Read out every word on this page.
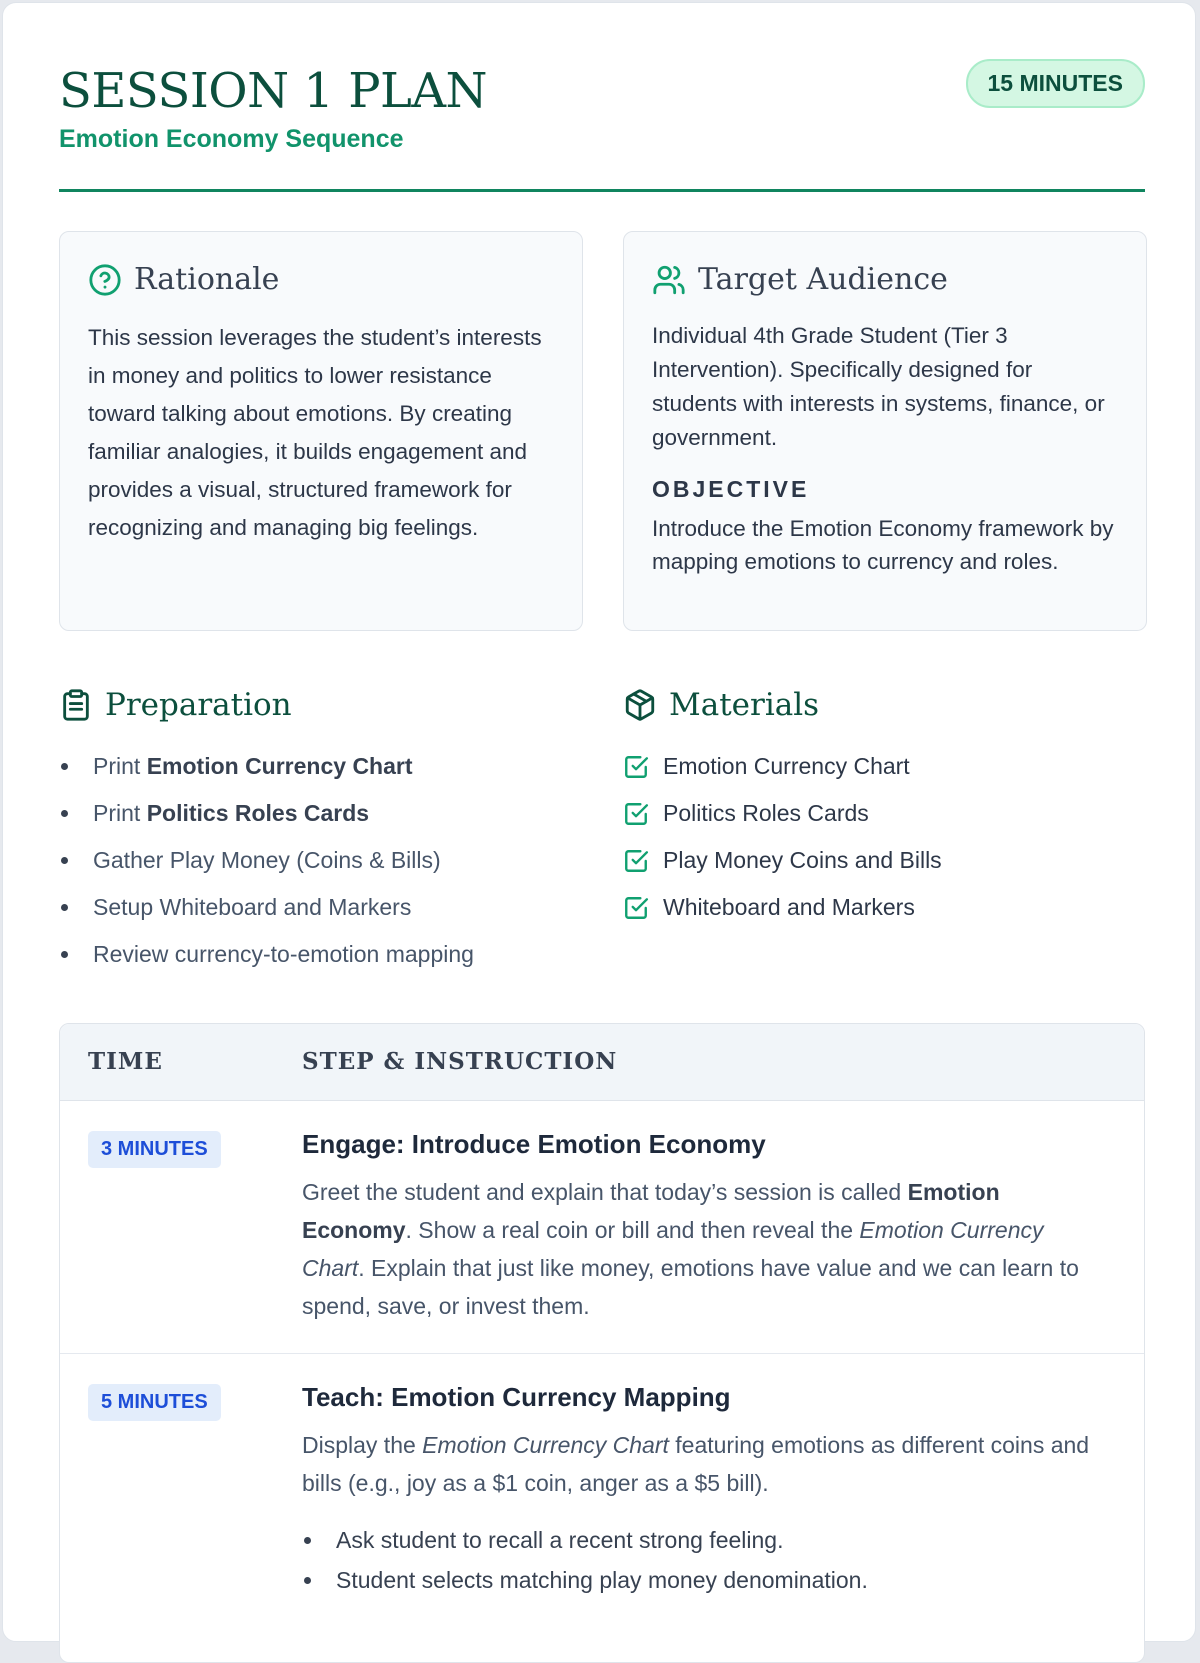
SESSION 1 PLAN
Emotion Economy Sequence
15 MINUTES
Rationale
This session leverages the student’s interests in money and politics to lower resistance toward talking about emotions. By creating familiar analogies, it builds engagement and provides a visual, structured framework for recognizing and managing big feelings.
Target Audience
Individual 4th Grade Student (Tier 3 Intervention). Specifically designed for students with interests in systems, finance, or government.
OBJECTIVE
Introduce the Emotion Economy framework by mapping emotions to currency and roles.
Preparation
Print Emotion Currency Chart
Print Politics Roles Cards
Gather Play Money (Coins & Bills)
Setup Whiteboard and Markers
Review currency-to-emotion mapping
Materials
Emotion Currency Chart
Politics Roles Cards
Play Money Coins and Bills
Whiteboard and Markers
TIME	STEP & INSTRUCTION
3 MINUTES	Engage: Introduce Emotion Economy
Greet the student and explain that today’s session is called Emotion Economy. Show a real coin or bill and then reveal the Emotion Currency Chart. Explain that just like money, emotions have value and we can learn to spend, save, or invest them.
5 MINUTES	Teach: Emotion Currency Mapping
Display the Emotion Currency Chart featuring emotions as different coins and bills (e.g., joy as a $1 coin, anger as a $5 bill).
Ask student to recall a recent strong feeling.
Student selects matching play money denomination.
